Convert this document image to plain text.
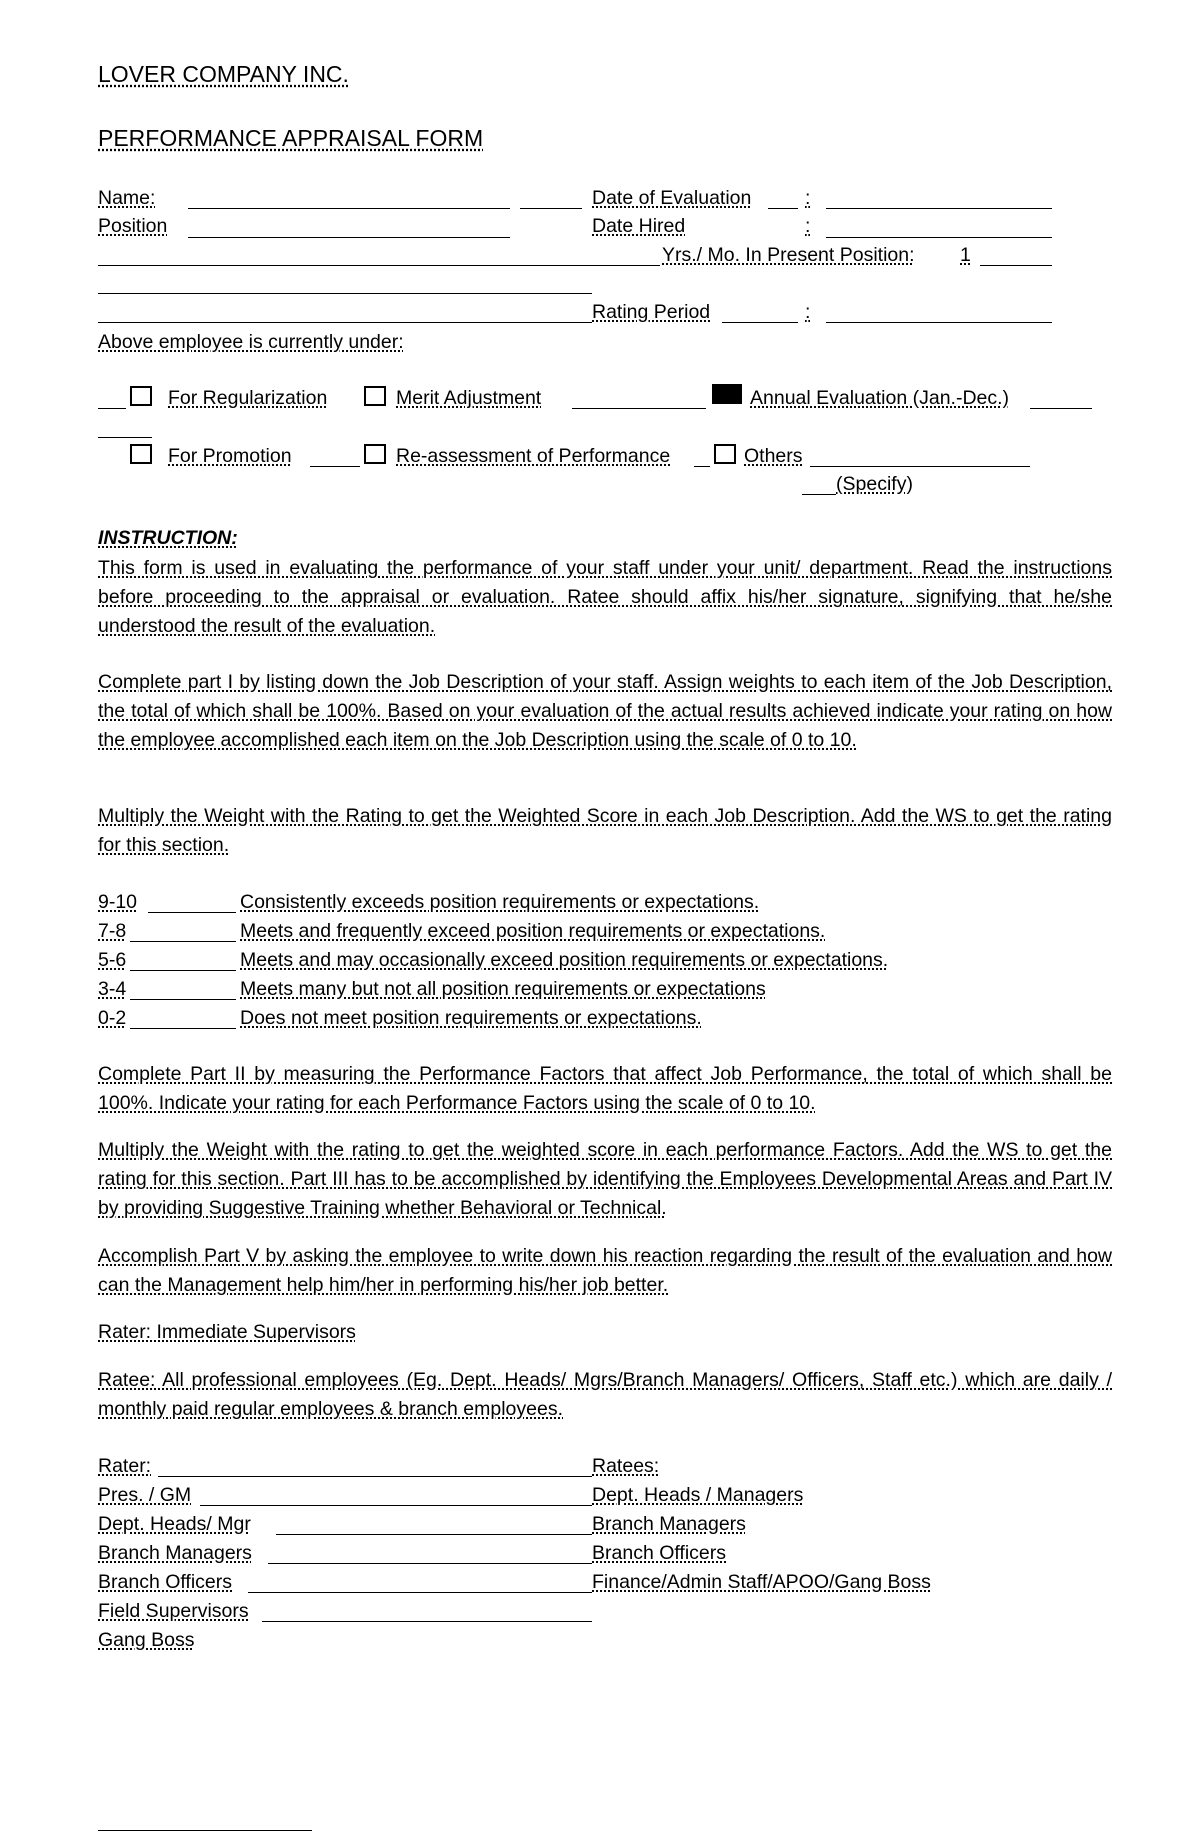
LOVER COMPANY INC.
PERFORMANCE APPRAISAL FORM
Name:	Date of Evaluation	:
Position	Date Hired	:
Yrs./ Mo. In Present Position: 1
Rating Period	:
Above employee is currently under:
For Regularization	Merit Adjustment	Annual Evaluation (Jan.-Dec.)
For Promotion	Re-assessment of Performance	Others
(Specify)
INSTRUCTION:
This form is used in evaluating the performance of your staff under your unit/ department. Read the instructions before proceeding to the appraisal or evaluation. Ratee should affix his/her signature, signifying that he/she understood the result of the evaluation.
Complete part I by listing down the Job Description of your staff. Assign weights to each item of the Job Description, the total of which shall be 100%. Based on your evaluation of the actual results achieved indicate your rating on how the employee accomplished each item on the Job Description using the scale of 0 to 10.
Multiply the Weight with the Rating to get the Weighted Score in each Job Description. Add the WS to get the rating for this section.
9-10	Consistently exceeds position requirements or expectations.
7-8	Meets and frequently exceed position requirements or expectations.
5-6	Meets and may occasionally exceed position requirements or expectations.
3-4	Meets many but not all position requirements or expectations
0-2	Does not meet position requirements or expectations.
Complete Part II by measuring the Performance Factors that affect Job Performance, the total of which shall be 100%. Indicate your rating for each Performance Factors using the scale of 0 to 10.
Multiply the Weight with the rating to get the weighted score in each performance Factors. Add the WS to get the rating for this section. Part III has to be accomplished by identifying the Employees Developmental Areas and Part IV by providing Suggestive Training whether Behavioral or Technical.
Accomplish Part V by asking the employee to write down his reaction regarding the result of the evaluation and how can the Management help him/her in performing his/her job better.
Rater: Immediate Supervisors
Ratee: All professional employees (Eg. Dept. Heads/ Mgrs/Branch Managers/ Officers, Staff etc.) which are daily / monthly paid regular employees & branch employees.
Rater:	Ratees:
Pres. / GM	Dept. Heads / Managers
Dept. Heads/ Mgr	Branch Managers
Branch Managers	Branch Officers
Branch Officers	Finance/Admin Staff/APOO/Gang Boss
Field Supervisors
Gang Boss
